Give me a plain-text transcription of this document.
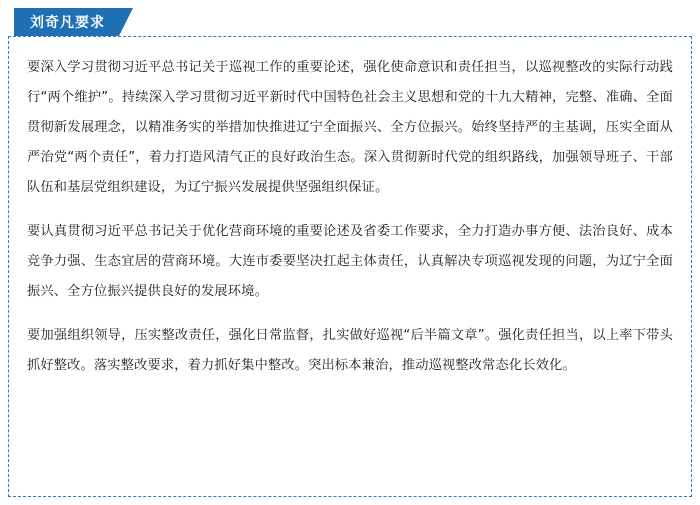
刘奇凡要求

要深入学习贯彻习近平总书记关于巡视工作的重要论述，强化使命意识和责任担当，以巡视整改的实际行动践行“两个维护”。持续深入学习贯彻习近平新时代中国特色社会主义思想和党的十九大精神，完整、准确、全面贯彻新发展理念，以精准务实的举措加快推进辽宁全面振兴、全方位振兴。始终坚持严的主基调，压实全面从严治党“两个责任”，着力打造风清气正的良好政治生态。深入贯彻新时代党的组织路线，加强领导班子、干部队伍和基层党组织建设，为辽宁振兴发展提供坚强组织保证。

要认真贯彻习近平总书记关于优化营商环境的重要论述及省委工作要求，全力打造办事方便、法治良好、成本竞争力强、生态宜居的营商环境。大连市委要坚决扛起主体责任，认真解决专项巡视发现的问题，为辽宁全面振兴、全方位振兴提供良好的发展环境。

要加强组织领导，压实整改责任，强化日常监督，扎实做好巡视“后半篇文章”。强化责任担当，以上率下带头抓好整改。落实整改要求，着力抓好集中整改。突出标本兼治，推动巡视整改常态化长效化。
